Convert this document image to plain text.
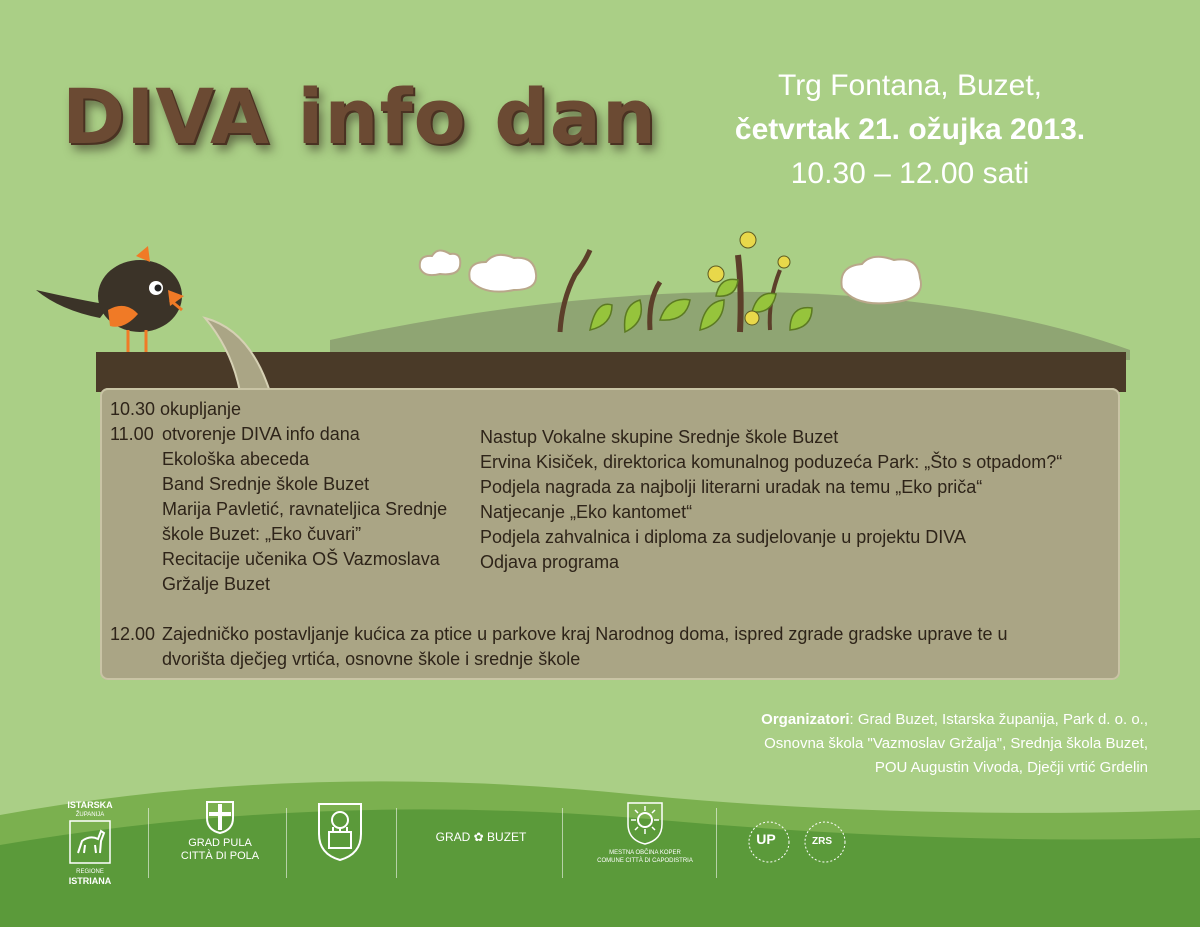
DIVA info dan	Trg Fontana, Buzet,
četvrtak 21. ožujka 2013.
10.30 – 12.00 sati
10.30 okupljanje
11.00 otvorenje DIVA info dana
Ekološka abeceda
Band Srednje škole Buzet
Marija Pavletić, ravnateljica Srednje
škole Buzet: „Eko čuvari”
Recitacije učenika OŠ Vazmoslava
Gržalje Buzet
Nastup Vokalne skupine Srednje škole Buzet
Ervina Kisiček, direktorica komunalnog poduzeća Park: „Što s otpadom?“
Podjela nagrada za najbolji literarni uradak na temu „Eko priča“
Natjecanje „Eko kantomet“
Podjela zahvalnica i diploma za sudjelovanje u projektu DIVA
Odjava programa
12.00 Zajedničko postavljanje kućica za ptice u parkove kraj Narodnog doma, ispred zgrade gradske uprave te u
dvorišta dječjeg vrtića, osnovne škole i srednje škole
Organizatori: Grad Buzet, Istarska županija, Park d. o. o.,
Osnovna škola "Vazmoslav Gržalja", Srednja škola Buzet,
POU Augustin Vivoda, Dječji vrtić Grdelin
ISTARSKA
ŽUPANIJA
REGIONE
ISTRIANA
GRAD PULA
CITTÀ DI POLA
GRAD ✿ BUZET
MESTNA OBČINA KOPER
COMUNE CITTÀ DI CAPODISTRIA
UP	ZRS
